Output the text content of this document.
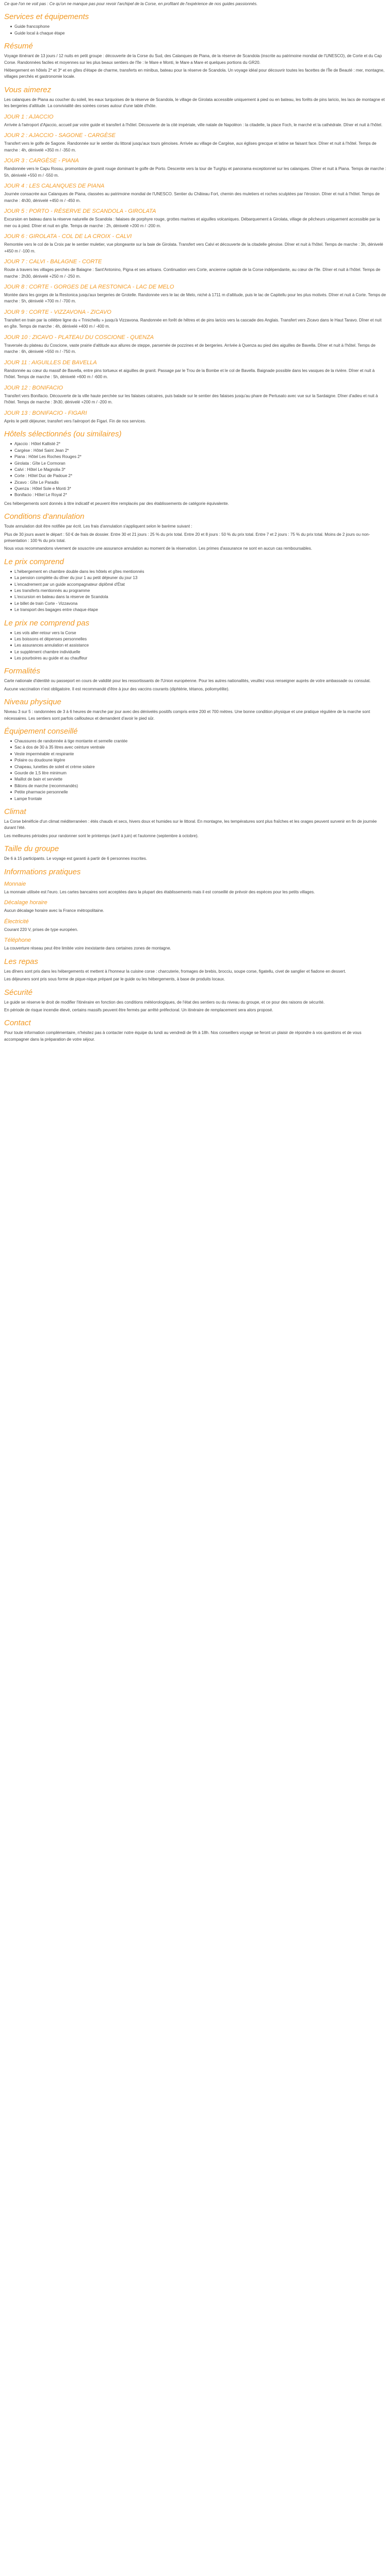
Ce que l'on ne voit pas : Ce qu'on ne manque pas pour revoir l'archipel de la Corse, en profitant de l'expérience de nos guides passionnés.

Services et équipements
Guide francophone
Guide local à chaque étape
Résumé

Voyage itinérant de 13 jours / 12 nuits en petit groupe : découverte de la Corse du Sud, des Calanques de Piana, de la réserve de Scandola (inscrite au patrimoine mondial de l'UNESCO), de Corte et du Cap Corse. Randonnées faciles et moyennes sur les plus beaux sentiers de l'île : le Mare e Monti, le Mare a Mare et quelques portions du GR20.

Hébergement en hôtels 2* et 3* et en gîtes d'étape de charme, transferts en minibus, bateau pour la réserve de Scandola. Un voyage idéal pour découvrir toutes les facettes de l'Île de Beauté : mer, montagne, villages perchés et gastronomie locale.

Vous aimerez

Les calanques de Piana au coucher du soleil, les eaux turquoises de la réserve de Scandola, le village de Girolata accessible uniquement à pied ou en bateau, les forêts de pins laricio, les lacs de montagne et les bergeries d'altitude. La convivialité des soirées corses autour d'une table d'hôte.

JOUR 1 : AJACCIO

Arrivée à l'aéroport d'Ajaccio, accueil par votre guide et transfert à l'hôtel. Découverte de la cité impériale, ville natale de Napoléon : la citadelle, la place Foch, le marché et la cathédrale. Dîner et nuit à l'hôtel.

JOUR 2 : AJACCIO - SAGONE - CARGÈSE

Transfert vers le golfe de Sagone. Randonnée sur le sentier du littoral jusqu'aux tours génoises. Arrivée au village de Cargèse, aux églises grecque et latine se faisant face. Dîner et nuit à l'hôtel. Temps de marche : 4h, dénivelé +350 m / -350 m.

JOUR 3 : CARGÈSE - PIANA

Randonnée vers le Capu Rossu, promontoire de granit rouge dominant le golfe de Porto. Descente vers la tour de Turghju et panorama exceptionnel sur les calanques. Dîner et nuit à Piana. Temps de marche : 5h, dénivelé +550 m / -550 m.

JOUR 4 : LES CALANQUES DE PIANA

Journée consacrée aux Calanques de Piana, classées au patrimoine mondial de l'UNESCO. Sentier du Château Fort, chemin des muletiers et roches sculptées par l'érosion. Dîner et nuit à l'hôtel. Temps de marche : 4h30, dénivelé +450 m / -450 m.

JOUR 5 : PORTO - RÉSERVE DE SCANDOLA - GIROLATA

Excursion en bateau dans la réserve naturelle de Scandola : falaises de porphyre rouge, grottes marines et aiguilles volcaniques. Débarquement à Girolata, village de pêcheurs uniquement accessible par la mer ou à pied. Dîner et nuit en gîte. Temps de marche : 2h, dénivelé +200 m / -200 m.

JOUR 6 : GIROLATA - COL DE LA CROIX - CALVI

Remontée vers le col de la Croix par le sentier muletier, vue plongeante sur la baie de Girolata. Transfert vers Calvi et découverte de la citadelle génoise. Dîner et nuit à l'hôtel. Temps de marche : 3h, dénivelé +450 m / -100 m.

JOUR 7 : CALVI - BALAGNE - CORTE

Route à travers les villages perchés de Balagne : Sant'Antonino, Pigna et ses artisans. Continuation vers Corte, ancienne capitale de la Corse indépendante, au cœur de l'île. Dîner et nuit à l'hôtel. Temps de marche : 2h30, dénivelé +250 m / -250 m.

JOUR 8 : CORTE - GORGES DE LA RESTONICA - LAC DE MELO

Montée dans les gorges de la Restonica jusqu'aux bergeries de Grotelle. Randonnée vers le lac de Melo, niché à 1711 m d'altitude, puis le lac de Capitellu pour les plus motivés. Dîner et nuit à Corte. Temps de marche : 5h, dénivelé +700 m / -700 m.

JOUR 9 : CORTE - VIZZAVONA - ZICAVO

Transfert en train par la célèbre ligne du « Trinichellu » jusqu'à Vizzavona. Randonnée en forêt de hêtres et de pins laricio vers la cascade des Anglais. Transfert vers Zicavo dans le Haut Taravo. Dîner et nuit en gîte. Temps de marche : 4h, dénivelé +400 m / -400 m.

JOUR 10 : ZICAVO - PLATEAU DU COSCIONE - QUENZA

Traversée du plateau du Coscione, vaste prairie d'altitude aux allures de steppe, parsemée de pozzines et de bergeries. Arrivée à Quenza au pied des aiguilles de Bavella. Dîner et nuit à l'hôtel. Temps de marche : 6h, dénivelé +550 m / -750 m.

JOUR 11 : AIGUILLES DE BAVELLA

Randonnée au cœur du massif de Bavella, entre pins tortueux et aiguilles de granit. Passage par le Trou de la Bombe et le col de Bavella. Baignade possible dans les vasques de la rivière. Dîner et nuit à l'hôtel. Temps de marche : 5h, dénivelé +600 m / -600 m.

JOUR 12 : BONIFACIO

Transfert vers Bonifacio. Découverte de la ville haute perchée sur les falaises calcaires, puis balade sur le sentier des falaises jusqu'au phare de Pertusato avec vue sur la Sardaigne. Dîner d'adieu et nuit à l'hôtel. Temps de marche : 3h30, dénivelé +200 m / -200 m.

JOUR 13 : BONIFACIO - FIGARI

Après le petit déjeuner, transfert vers l'aéroport de Figari. Fin de nos services.

Hôtels sélectionnés (ou similaires)
Ajaccio : Hôtel Kallisté 2*
Cargèse : Hôtel Saint Jean 2*
Piana : Hôtel Les Roches Rouges 2*
Girolata : Gîte Le Cormoran
Calvi : Hôtel Le Magnolia 3*
Corte : Hôtel Duc de Padoue 2*
Zicavo : Gîte Le Paradis
Quenza : Hôtel Sole e Monti 3*
Bonifacio : Hôtel Le Royal 2*

Ces hébergements sont donnés à titre indicatif et peuvent être remplacés par des établissements de catégorie équivalente.

Conditions d'annulation

Toute annulation doit être notifiée par écrit. Les frais d'annulation s'appliquent selon le barème suivant :

Plus de 30 jours avant le départ : 50 € de frais de dossier. Entre 30 et 21 jours : 25 % du prix total. Entre 20 et 8 jours : 50 % du prix total. Entre 7 et 2 jours : 75 % du prix total. Moins de 2 jours ou non-présentation : 100 % du prix total.

Nous vous recommandons vivement de souscrire une assurance annulation au moment de la réservation. Les primes d'assurance ne sont en aucun cas remboursables.

Le prix comprend
L'hébergement en chambre double dans les hôtels et gîtes mentionnés
La pension complète du dîner du jour 1 au petit déjeuner du jour 13
L'encadrement par un guide accompagnateur diplômé d'État
Les transferts mentionnés au programme
L'excursion en bateau dans la réserve de Scandola
Le billet de train Corte - Vizzavona
Le transport des bagages entre chaque étape
Le prix ne comprend pas
Les vols aller-retour vers la Corse
Les boissons et dépenses personnelles
Les assurances annulation et assistance
Le supplément chambre individuelle
Les pourboires au guide et au chauffeur
Formalités

Carte nationale d'identité ou passeport en cours de validité pour les ressortissants de l'Union européenne. Pour les autres nationalités, veuillez vous renseigner auprès de votre ambassade ou consulat.

Aucune vaccination n'est obligatoire. Il est recommandé d'être à jour des vaccins courants (diphtérie, tétanos, poliomyélite).

Niveau physique

Niveau 3 sur 5 : randonnées de 3 à 6 heures de marche par jour avec des dénivelés positifs compris entre 200 et 700 mètres. Une bonne condition physique et une pratique régulière de la marche sont nécessaires. Les sentiers sont parfois caillouteux et demandent d'avoir le pied sûr.

Équipement conseillé
Chaussures de randonnée à tige montante et semelle crantée
Sac à dos de 30 à 35 litres avec ceinture ventrale
Veste imperméable et respirante
Polaire ou doudoune légère
Chapeau, lunettes de soleil et crème solaire
Gourde de 1,5 litre minimum
Maillot de bain et serviette
Bâtons de marche (recommandés)
Petite pharmacie personnelle
Lampe frontale
Climat

La Corse bénéficie d'un climat méditerranéen : étés chauds et secs, hivers doux et humides sur le littoral. En montagne, les températures sont plus fraîches et les orages peuvent survenir en fin de journée durant l'été.

Les meilleures périodes pour randonner sont le printemps (avril à juin) et l'automne (septembre à octobre).

Taille du groupe

De 6 à 15 participants. Le voyage est garanti à partir de 6 personnes inscrites.

Informations pratiques
Monnaie

La monnaie utilisée est l'euro. Les cartes bancaires sont acceptées dans la plupart des établissements mais il est conseillé de prévoir des espèces pour les petits villages.

Décalage horaire

Aucun décalage horaire avec la France métropolitaine.

Électricité

Courant 220 V, prises de type européen.

Téléphone

La couverture réseau peut être limitée voire inexistante dans certaines zones de montagne.

Les repas

Les dîners sont pris dans les hébergements et mettent à l'honneur la cuisine corse : charcuterie, fromages de brebis, brocciu, soupe corse, figatellu, civet de sanglier et fiadone en dessert.

Les déjeuners sont pris sous forme de pique-nique préparé par le guide ou les hébergements, à base de produits locaux.

Sécurité

Le guide se réserve le droit de modifier l'itinéraire en fonction des conditions météorologiques, de l'état des sentiers ou du niveau du groupe, et ce pour des raisons de sécurité.

En période de risque incendie élevé, certains massifs peuvent être fermés par arrêté préfectoral. Un itinéraire de remplacement sera alors proposé.

Contact

Pour toute information complémentaire, n'hésitez pas à contacter notre équipe du lundi au vendredi de 9h à 18h. Nos conseillers voyage se feront un plaisir de répondre à vos questions et de vous accompagner dans la préparation de votre séjour.
